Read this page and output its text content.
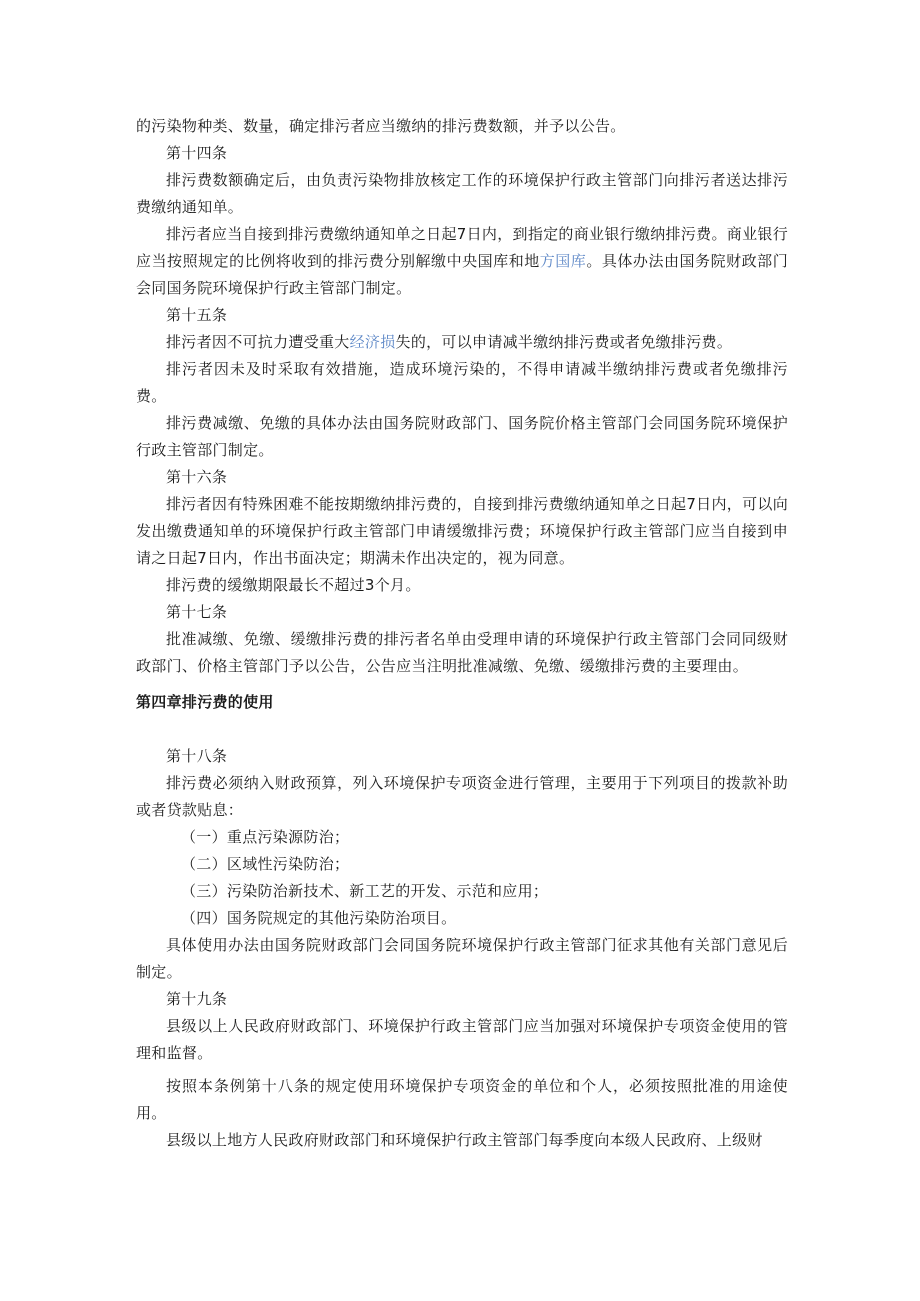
的污染物种类、数量，确定排污者应当缴纳的排污费数额，并予以公告。

第十四条

排污费数额确定后，由负责污染物排放核定工作的环境保护行政主管部门向排污者送达排污费缴纳通知单。

排污者应当自接到排污费缴纳通知单之日起7日内，到指定的商业银行缴纳排污费。商业银行应当按照规定的比例将收到的排污费分别解缴中央国库和地方国库。具体办法由国务院财政部门会同国务院环境保护行政主管部门制定。

第十五条

排污者因不可抗力遭受重大经济损失的，可以申请减半缴纳排污费或者免缴排污费。

排污者因未及时采取有效措施，造成环境污染的，不得申请减半缴纳排污费或者免缴排污费。

排污费减缴、免缴的具体办法由国务院财政部门、国务院价格主管部门会同国务院环境保护行政主管部门制定。

第十六条

排污者因有特殊困难不能按期缴纳排污费的，自接到排污费缴纳通知单之日起7日内，可以向发出缴费通知单的环境保护行政主管部门申请缓缴排污费；环境保护行政主管部门应当自接到申请之日起7日内，作出书面决定；期满未作出决定的，视为同意。

排污费的缓缴期限最长不超过3个月。

第十七条

批准减缴、免缴、缓缴排污费的排污者名单由受理申请的环境保护行政主管部门会同同级财政部门、价格主管部门予以公告，公告应当注明批准减缴、免缴、缓缴排污费的主要理由。

第四章排污费的使用

第十八条

排污费必须纳入财政预算，列入环境保护专项资金进行管理，主要用于下列项目的拨款补助或者贷款贴息：

（一）重点污染源防治；

（二）区域性污染防治；

（三）污染防治新技术、新工艺的开发、示范和应用；

（四）国务院规定的其他污染防治项目。

具体使用办法由国务院财政部门会同国务院环境保护行政主管部门征求其他有关部门意见后制定。

第十九条

县级以上人民政府财政部门、环境保护行政主管部门应当加强对环境保护专项资金使用的管理和监督。

按照本条例第十八条的规定使用环境保护专项资金的单位和个人，必须按照批准的用途使用。

县级以上地方人民政府财政部门和环境保护行政主管部门每季度向本级人民政府、上级财
